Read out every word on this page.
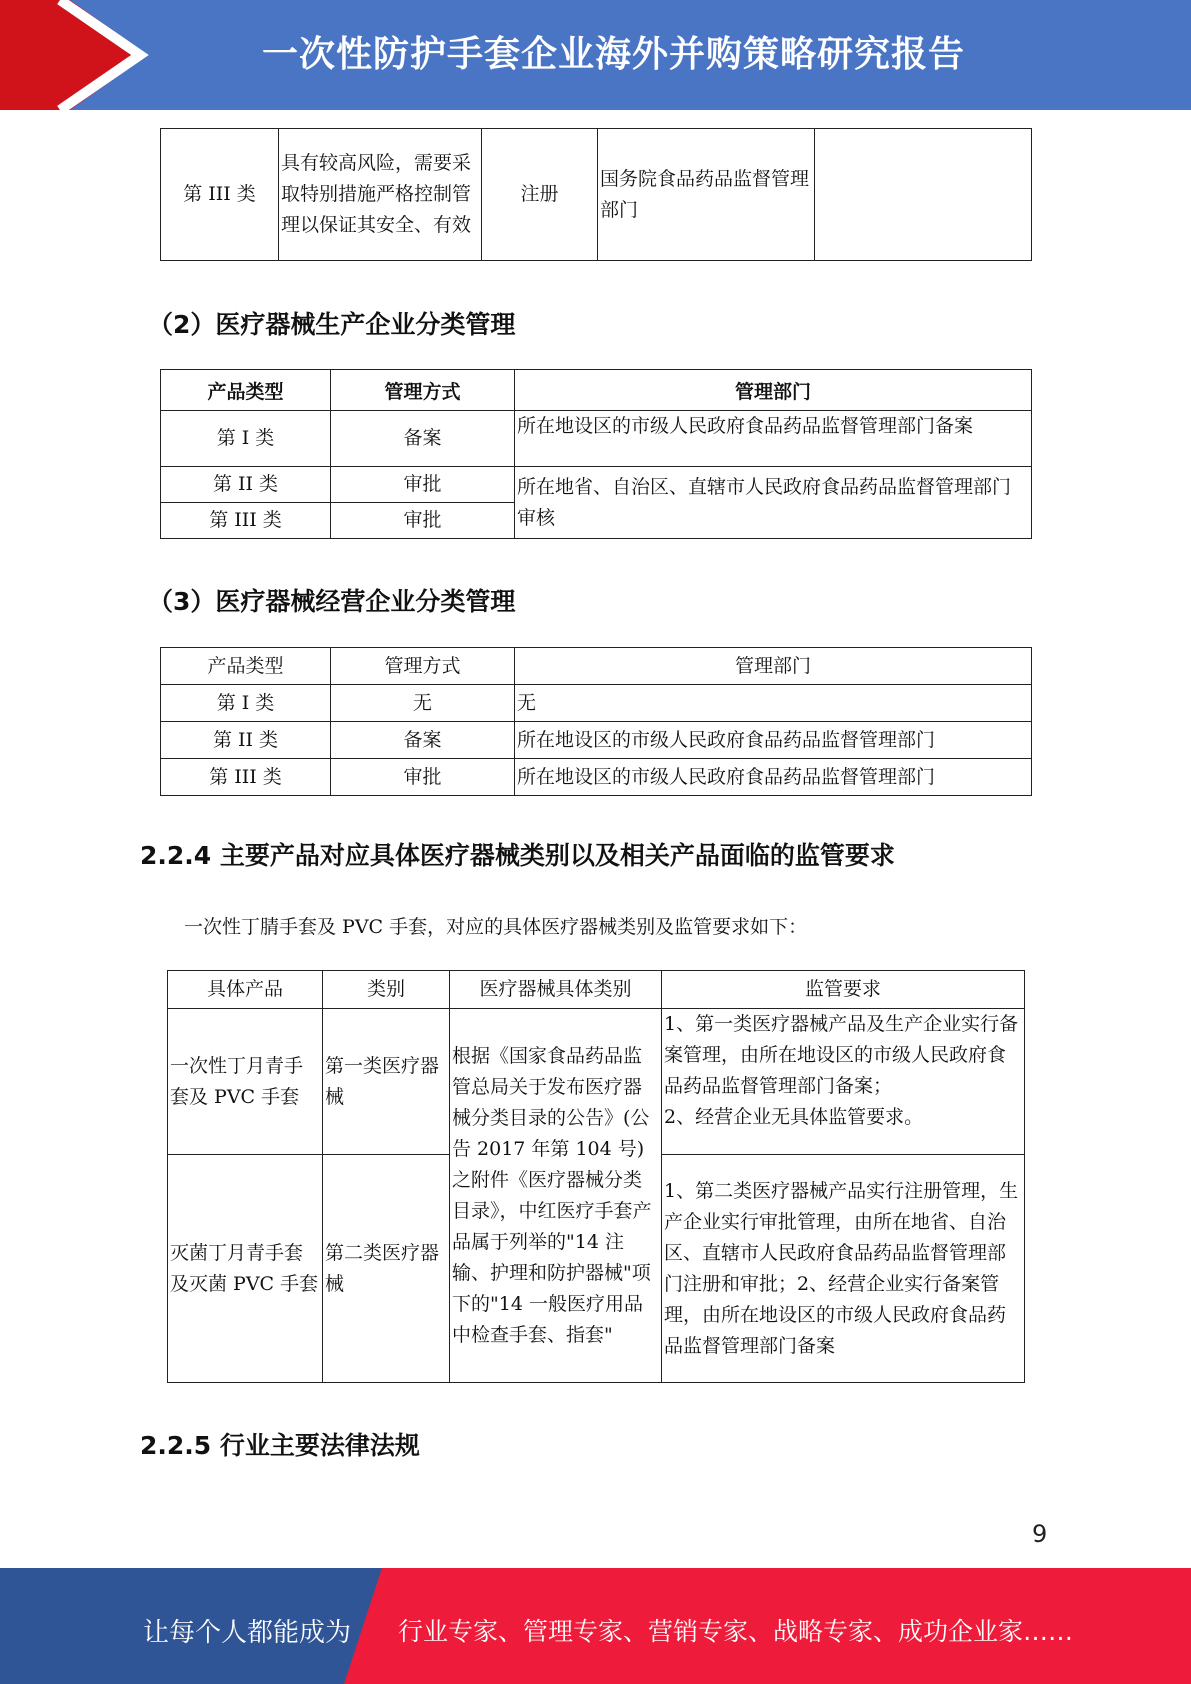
一次性防护手套企业海外并购策略研究报告
第 III 类	具有较高风险，需要采取特别措施严格控制管理以保证其安全、有效	注册	国务院食品药品监督管理部门	
（2）医疗器械生产企业分类管理
产品类型	管理方式	管理部门
第 I 类	备案	所在地设区的市级人民政府食品药品监督管理部门备案
第 II 类	审批	所在地省、自治区、直辖市人民政府食品药品监督管理部门审核
第 III 类	审批	
（3）医疗器械经营企业分类管理
产品类型	管理方式	管理部门
第 I 类	无	无
第 II 类	备案	所在地设区的市级人民政府食品药品监督管理部门
第 III 类	审批	所在地设区的市级人民政府食品药品监督管理部门
2.2.4 主要产品对应具体医疗器械类别以及相关产品面临的监管要求
一次性丁腈手套及 PVC 手套，对应的具体医疗器械类别及监管要求如下：
具体产品	类别	医疗器械具体类别	监管要求
一次性丁月青手套及 PVC 手套	第一类医疗器械	根据《国家食品药品监管总局关于发布医疗器械分类目录的公告》(公告 2017 年第 104 号)之附件《医疗器械分类目录》，中红医疗手套产品属于列举的"14 注输、护理和防护器械"项下的"14 一般医疗用品中检查手套、指套"	1、第一类医疗器械产品及生产企业实行备案管理，由所在地设区的市级人民政府食品药品监督管理部门备案；
2、经营企业无具体监管要求。
灭菌丁月青手套及灭菌 PVC 手套	第二类医疗器械		1、第二类医疗器械产品实行注册管理，生产企业实行审批管理，由所在地省、自治区、直辖市人民政府食品药品监督管理部门注册和审批；2、经营企业实行备案管理，由所在地设区的市级人民政府食品药品监督管理部门备案
2.2.5 行业主要法律法规
9
让每个人都能成为 行业专家、管理专家、营销专家、战略专家、成功企业家……
